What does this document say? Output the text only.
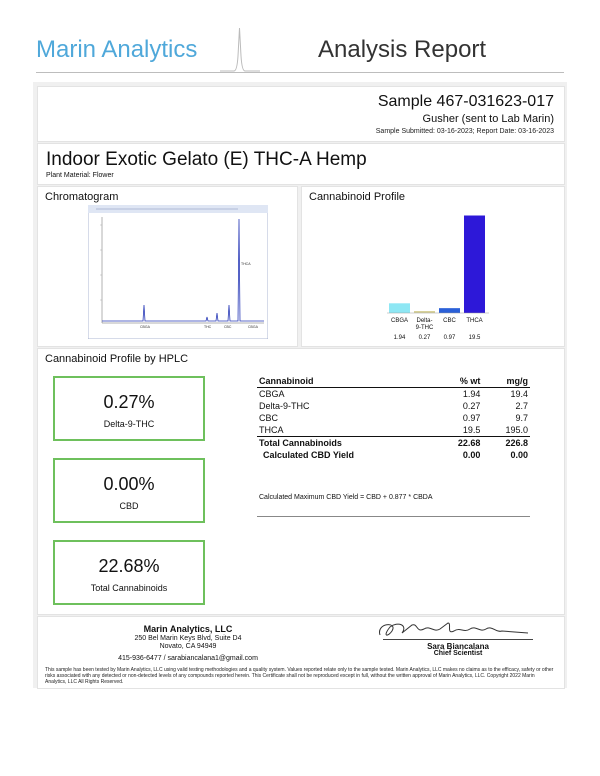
Marin Analytics	Analysis Report
Sample 467-031623-017
Gusher (sent to Lab Marin)
Sample Submitted: 03-16-2023; Report Date: 03-16-2023
Indoor Exotic Gelato (E) THC-A Hemp
Plant Material: Flower
Chromatogram
CBGA	THC	CBC
THCA
CBGA
Cannabinoid Profile
CBGA
1.94
Delta-
9-THC
0.27
CBC
0.97
THCA
19.5
Cannabinoid Profile by HPLC
0.27%
Delta-9-THC
0.00%
CBD
22.68%
Total Cannabinoids
Cannabinoid	% wt	mg/g
CBGA	1.94	19.4
Delta-9-THC	0.27	2.7
CBC	0.97	9.7
THCA	19.5	195.0
Total Cannabinoids	22.68	226.8
Calculated CBD Yield	0.00	0.00
Calculated Maximum CBD Yield = CBD + 0.877 * CBDA
Marin Analytics, LLC
250 Bel Marin Keys Blvd, Suite D4
Novato, CA 94949
415-936-6477 / sarabiancalana1@gmail.com
Sara Biancalana
Chief Scientist
This sample has been tested by Marin Analytics, LLC using valid testing methodologies and a quality system. Values reported relate only to the sample tested. Marin Analytics, LLC makes no claims as to the efficacy, safety or other risks associated with any detected or non-detected levels of any compounds reported herein. This Certificate shall not be reproduced except in full, without the written approval of Marin Analytics, LLC. Copyright 2022 Marin Analytics, LLC All Rights Reserved.
